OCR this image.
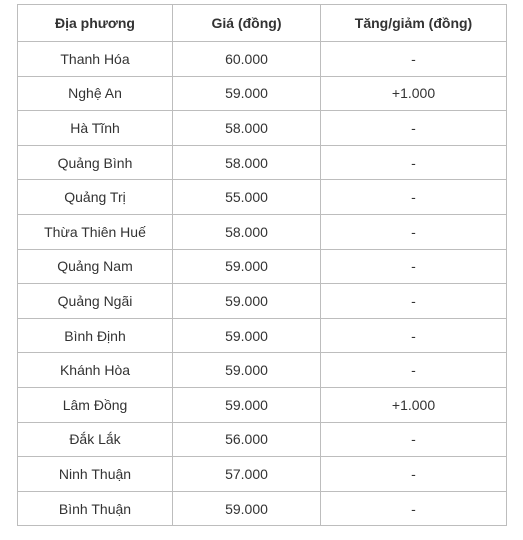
Địa phương	Giá (đồng)	Tăng/giảm (đồng)
Thanh Hóa	60.000	-
Nghệ An	59.000	+1.000
Hà Tĩnh	58.000	-
Quảng Bình	58.000	-
Quảng Trị	55.000	-
Thừa Thiên Huế	58.000	-
Quảng Nam	59.000	-
Quảng Ngãi	59.000	-
Bình Định	59.000	-
Khánh Hòa	59.000	-
Lâm Đồng	59.000	+1.000
Đắk Lắk	56.000	-
Ninh Thuận	57.000	-
Bình Thuận	59.000	-
